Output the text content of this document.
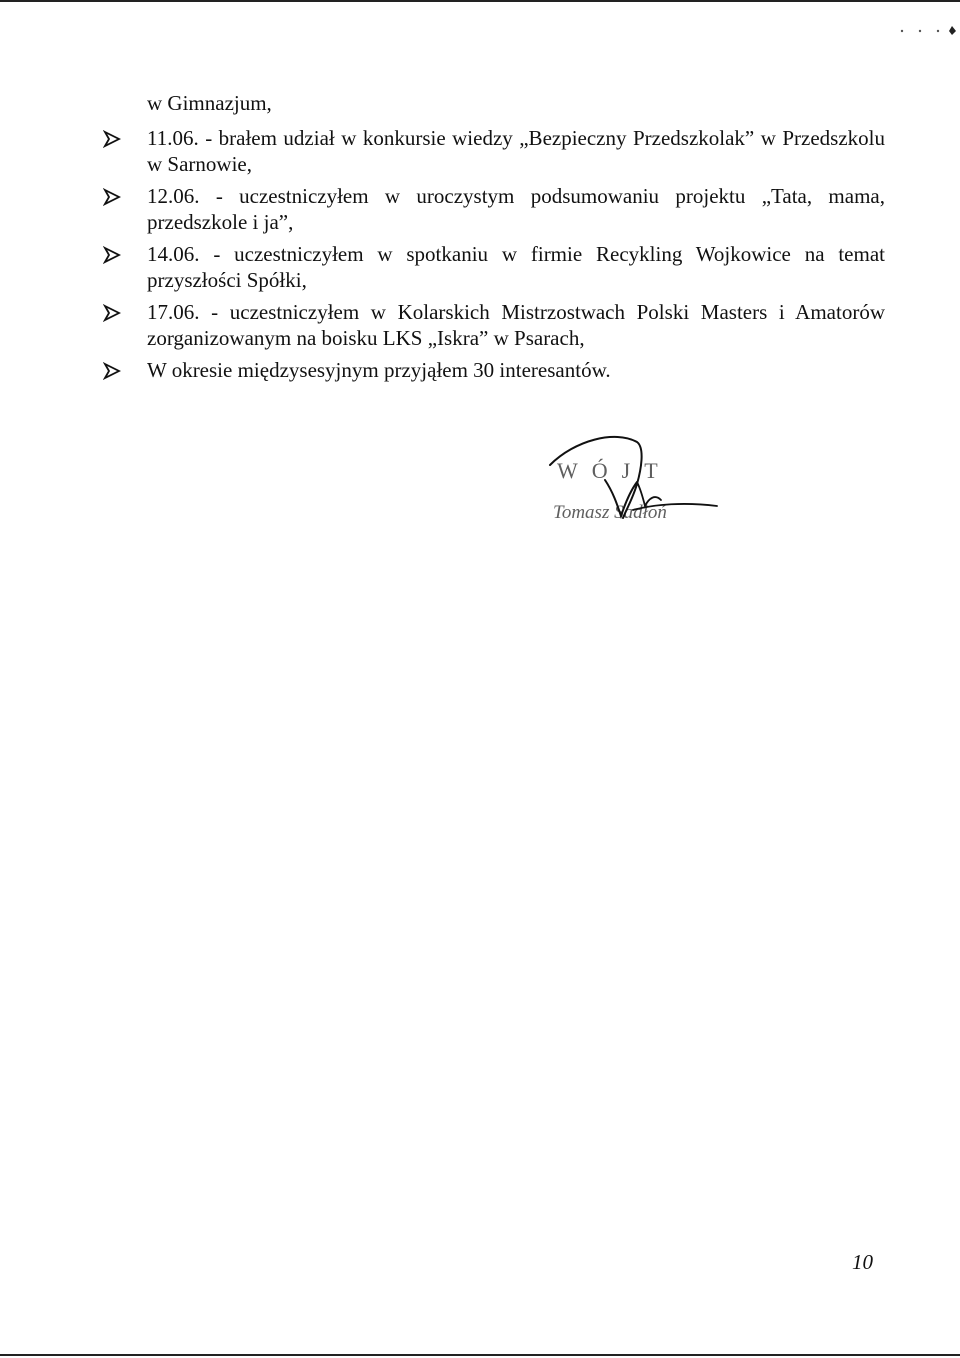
w Gimnazjum,
11.06. - brałem udział w konkursie wiedzy „Bezpieczny Przedszkolak” w Przedszkolu w Sarnowie,
12.06. - uczestniczyłem w uroczystym podsumowaniu projektu „Tata, mama, przedszkole i ja”,
14.06. - uczestniczyłem w spotkaniu w firmie Recykling Wojkowice na temat przyszłości Spółki,
17.06. - uczestniczyłem w Kolarskich Mistrzostwach Polski Masters i Amatorów zorganizowanym na boisku LKS „Iskra” w Psarach,
W okresie międzysesyjnym przyjąłem 30 interesantów.
WÓJT
Tomasz Sadłoń
10
